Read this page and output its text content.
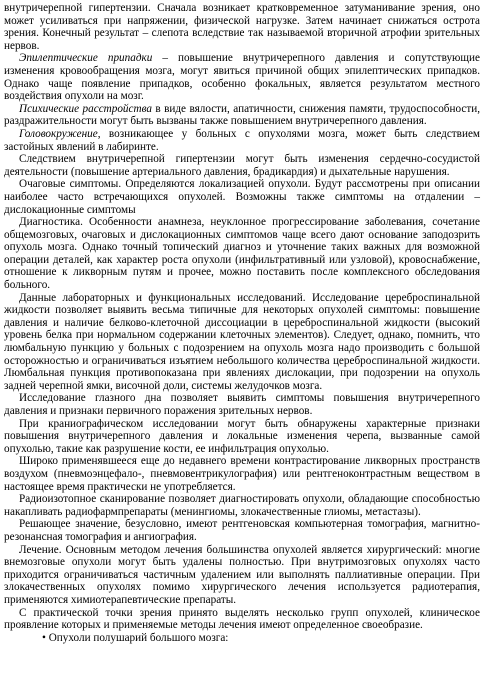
внутричерепной гипертензии. Сначала возникает кратковременное затуманивание зрения, оно может усиливаться при напряжении, физической нагрузке. Затем начинает снижаться острота зрения. Конечный результат – слепота вследствие так называемой вторичной атрофии зрительных нервов.

Эпилептические припадки – повышение внутричерепного давления и сопутствующие изменения кровообращения мозга, могут явиться причиной общих эпилептических припадков. Однако чаще появление припадков, особенно фокальных, является результатом местного воздействия опухоли на мозг.

Психические расстройства в виде вялости, апатичности, снижения памяти, трудоспособности, раздражительности могут быть вызваны также повышением внутричерепного давления.

Головокружение, возникающее у больных с опухолями мозга, может быть следствием застойных явлений в лабиринте.

Следствием внутричерепной гипертензии могут быть изменения сердечно-сосудистой деятельности (повышение артериального давления, брадикардия) и дыхательные нарушения.

Очаговые симптомы. Определяются локализацией опухоли. Будут рассмотрены при описании наиболее часто встречающихся опухолей. Возможны также симптомы на отдалении – дислокационные симптомы

Диагностика. Особенности анамнеза, неуклонное прогрессирование заболевания, сочетание общемозговых, очаговых и дислокационных симптомов чаще всего дают основание заподозрить опухоль мозга. Однако точный топический диагноз и уточнение таких важных для возможной операции деталей, как характер роста опухоли (инфильтративный или узловой), кровоснабжение, отношение к ликворным путям и прочее, можно поставить после комплексного обследования больного.

Данные лабораторных и функциональных исследований. Исследование цереброспинальной жидкости позволяет выявить весьма типичные для некоторых опухолей симптомы: повышение давления и наличие белково-клеточной диссоциации в цереброспинальной жидкости (высокий уровень белка при нормальном содержании клеточных элементов). Следует, однако, помнить, что люмбальную пункцию у больных с подозрением на опухоль мозга надо производить с большой осторожностью и ограничиваться изъятием небольшого количества цереброспинальной жидкости. Люмбальная пункция противопоказана при явлениях дислокации, при подозрении на опухоль задней черепной ямки, височной доли, системы желудочков мозга.

Исследование глазного дна позволяет выявить симптомы повышения внутричерепного давления и признаки первичного поражения зрительных нервов.

При краниографическом исследовании могут быть обнаружены характерные признаки повышения внутричерепного давления и локальные изменения черепа, вызванные самой опухолью, такие как разрушение кости, ее инфильтрация опухолью.

Широко применявшееся еще до недавнего времени контрастирование ликворных пространств воздухом (пневмоэнцефало-, пневмовентрикулография) или рентгеноконтрастным веществом в настоящее время практически не употребляется.

Радиоизотопное сканирование позволяет диагностировать опухоли, обладающие способностью накапливать радиофармпрепараты (менингиомы, злокачественные глиомы, метастазы).

Решающее значение, безусловно, имеют рентгеновская компьютерная томография, магнитно-резонансная томография и ангиография.

Лечение. Основным методом лечения большинства опухолей является хирургический: многие внемозговые опухоли могут быть удалены полностью. При внутримозговых опухолях часто приходится ограничиваться частичным удалением или выполнять паллиативные операции. При злокачественных опухолях помимо хирургического лечения используется радиотерапия, применяются химиотерапевтические препараты.

С практической точки зрения принято выделять несколько групп опухолей, клиническое проявление которых и применяемые методы лечения имеют определенное своеобразие.

• Опухоли полушарий большого мозга:
